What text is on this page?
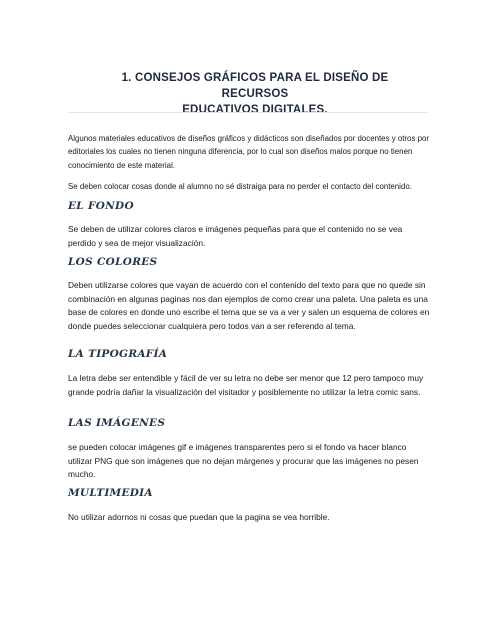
1. CONSEJOS GRÁFICOS PARA EL DISEÑO DE RECURSOS
EDUCATIVOS DIGITALES.
Algunos materiales educativos de diseños gráficos y didácticos son diseñados por docentes y otros por editoriales los cuales no tienen ninguna diferencia, por lo cual son diseños malos porque no tienen conocimiento de este material.
Se deben colocar cosas donde al alumno no sé distraiga para no perder el contacto del contenido.
EL FONDO
Se deben de utilizar colores claros e imágenes pequeñas para que el contenido no se vea perdido y sea de mejor visualización.
LOS COLORES
Deben utilizarse colores que vayan de acuerdo con el contenido del texto para que no quede sin combinación en algunas paginas nos dan ejemplos de como crear una paleta. Una paleta es una base de colores en donde uno escribe el tema que se va a ver y salen un esquema de colores en donde puedes seleccionar cualquiera pero todos van a ser referendo al tema.
LA TIPOGRAFÍA
La letra debe ser entendible y fácil de ver su letra no debe ser menor que 12 pero tampoco muy grande podría dañar la visualización del visitador y posiblemente no utilizar la letra comic sans.
LAS IMÁGENES
se pueden colocar imágenes gif e imágenes transparentes pero si el fondo va hacer blanco utilizar PNG que son imágenes que no dejan márgenes y procurar que las imágenes no pesen mucho.
MULTIMEDIA
No utilizar adornos ni cosas que puedan que la pagina se vea horrible.
